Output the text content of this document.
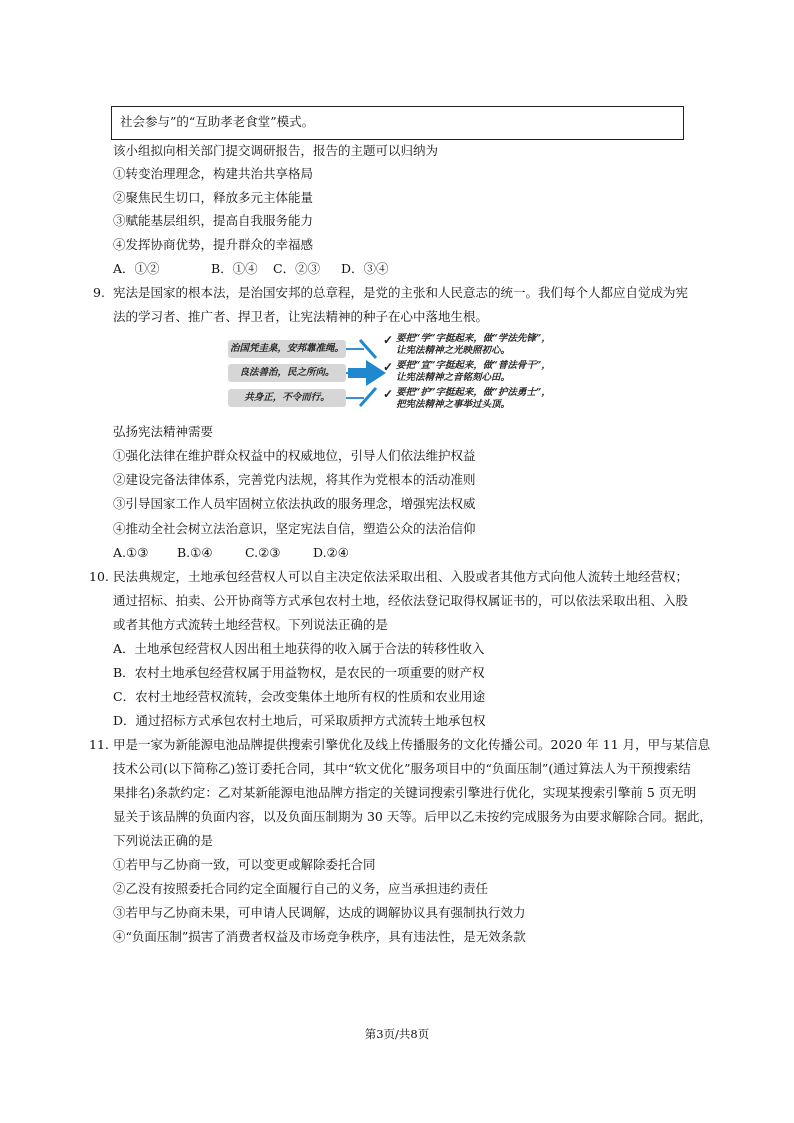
社会参与”的“互助孝老食堂”模式。
该小组拟向相关部门提交调研报告，报告的主题可以归纳为
①转变治理理念，构建共治共享格局
②聚焦民生切口，释放多元主体能量
③赋能基层组织，提高自我服务能力
④发挥协商优势，提升群众的幸福感
A．①②	B．①④ C．②③ D．③④
9. 宪法是国家的根本法，是治国安邦的总章程，是党的主张和人民意志的统一。我们每个人都应自觉成为宪
法的学习者、推广者、捍卫者，让宪法精神的种子在心中落地生根。
治国凭圭臬，安邦靠准绳。
良法善治，民之所向。
共身正，不令而行。
✓
✓
✓
要把“学”字挺起来，做“学法先锋”，
让宪法精神之光映照初心。
要把“宣”字挺起来，做“普法骨干”，
让宪法精神之音铭刻心田。
要把“护”字挺起来，做“护法勇士”，
把宪法精神之事举过头顶。
弘扬宪法精神需要
①强化法律在维护群众权益中的权威地位，引导人们依法维护权益
②建设完备法律体系，完善党内法规，将其作为党根本的活动准则
③引导国家工作人员牢固树立依法执政的服务理念，增强宪法权威
④推动全社会树立法治意识，坚定宪法自信，塑造公众的法治信仰
A.①③ B.①④	C.②③	D.②④
10. 民法典规定，土地承包经营权人可以自主决定依法采取出租、入股或者其他方式向他人流转土地经营权；
通过招标、拍卖、公开协商等方式承包农村土地，经依法登记取得权属证书的，可以依法采取出租、入股
或者其他方式流转土地经营权。下列说法正确的是
A．土地承包经营权人因出租土地获得的收入属于合法的转移性收入
B．农村土地承包经营权属于用益物权，是农民的一项重要的财产权
C．农村土地经营权流转，会改变集体土地所有权的性质和农业用途
D．通过招标方式承包农村土地后，可采取质押方式流转土地承包权
11. 甲是一家为新能源电池品牌提供搜索引擎优化及线上传播服务的文化传播公司。2020 年 11 月，甲与某信息
技术公司(以下简称乙)签订委托合同，其中“软文优化”服务项目中的“负面压制”(通过算法人为干预搜索结
果排名)条款约定：乙对某新能源电池品牌方指定的关键词搜索引擎进行优化，实现某搜索引擎前 5 页无明
显关于该品牌的负面内容，以及负面压制期为 30 天等。后甲以乙未按约完成服务为由要求解除合同。据此，
下列说法正确的是
①若甲与乙协商一致，可以变更或解除委托合同
②乙没有按照委托合同约定全面履行自己的义务，应当承担违约责任
③若甲与乙协商未果，可申请人民调解，达成的调解协议具有强制执行效力
④“负面压制”损害了消费者权益及市场竞争秩序，具有违法性，是无效条款
第3页/共8页
